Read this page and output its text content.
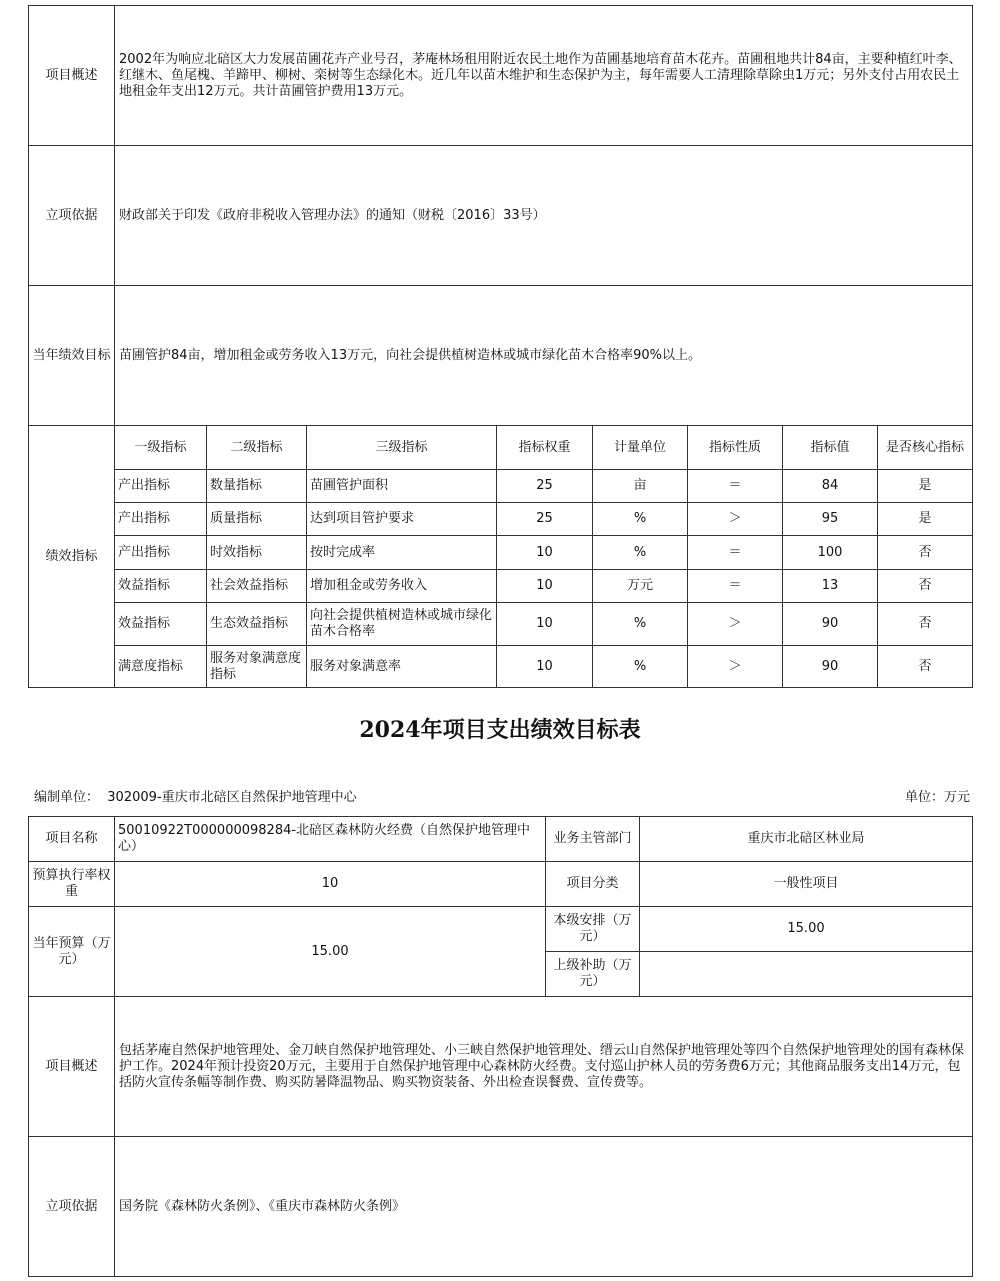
项目概述	2002年为响应北碚区大力发展苗圃花卉产业号召，茅庵林场租用附近农民土地作为苗圃基地培育苗木花卉。苗圃租地共计84亩，主要种植红叶李、红继木、鱼尾槐、羊蹄甲、柳树、栾树等生态绿化木。近几年以苗木维护和生态保护为主，每年需要人工清理除草除虫1万元；另外支付占用农民土地租金年支出12万元。共计苗圃管护费用13万元。							
立项依据	财政部关于印发《政府非税收入管理办法》的通知（财税〔2016〕33号）							
当年绩效目标	苗圃管护84亩，增加租金或劳务收入13万元，向社会提供植树造林或城市绿化苗木合格率90%以上。							
绩效指标	一级指标	二级指标	三级指标	指标权重	计量单位	指标性质	指标值	是否核心指标
	产出指标	数量指标	苗圃管护面积	25	亩	＝	84	是
	产出指标	质量指标	达到项目管护要求	25	%	＞	95	是
	产出指标	时效指标	按时完成率	10	%	＝	100	否
	效益指标	社会效益指标	增加租金或劳务收入	10	万元	＝	13	否
	效益指标	生态效益指标	向社会提供植树造林或城市绿化苗木合格率	10	%	＞	90	否
	满意度指标	服务对象满意度指标	服务对象满意率	10	%	＞	90	否
2024年项目支出绩效目标表
编制单位： 302009-重庆市北碚区自然保护地管理中心	单位：万元
项目名称	50010922T000000098284-北碚区森林防火经费（自然保护地管理中心）	业务主管部门	重庆市北碚区林业局
预算执行率权重	10	项目分类	一般性项目
当年预算（万元）	15.00	本级安排（万元）	15.00
		上级补助（万元）	
项目概述	包括茅庵自然保护地管理处、金刀峡自然保护地管理处、小三峡自然保护地管理处、缙云山自然保护地管理处等四个自然保护地管理处的国有森林保护工作。2024年预计投资20万元，主要用于自然保护地管理中心森林防火经费。支付巡山护林人员的劳务费6万元；其他商品服务支出14万元，包括防火宣传条幅等制作费、购买防暑降温物品、购买物资装备、外出检查误餐费、宣传费等。		
立项依据	国务院《森林防火条例》、《重庆市森林防火条例》		
